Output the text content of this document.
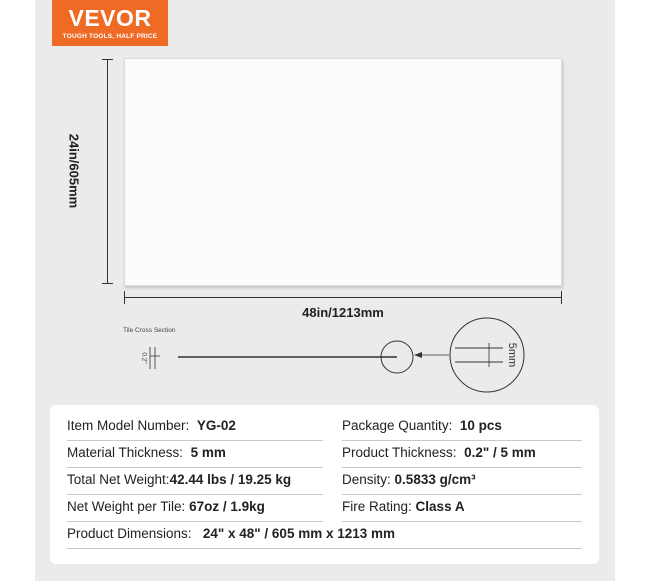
VEVOR
TOUGH TOOLS, HALF PRICE
24in/605mm
48in/1213mm
Tile Cross Section
0.2"	5mm
Item Model Number: YG-02	Package Quantity: 10 pcs
Material Thickness: 5 mm	Product Thickness: 0.2" / 5 mm
Total Net Weight:42.44 lbs / 19.25 kg	Density: 0.5833 g/cm³
Net Weight per Tile: 67oz / 1.9kg	Fire Rating: Class A
Product Dimensions: 24" x 48" / 605 mm x 1213 mm
